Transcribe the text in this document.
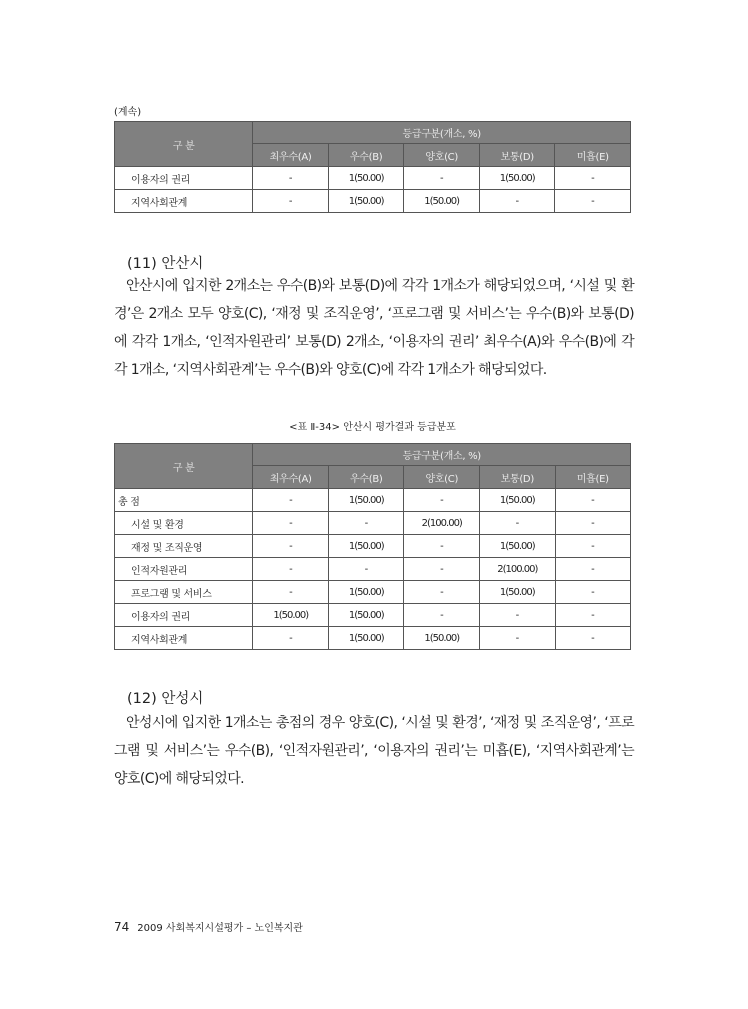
(계속)
구 분	등급구분(개소, %)				
	최우수(A)	우수(B)	양호(C)	보통(D)	미흡(E)
이용자의 권리	-	1(50.00)	-	1(50.00)	-
지역사회관계	-	1(50.00)	1(50.00)	-	-
(11) 안산시
안산시에 입지한 2개소는 우수(B)와 보통(D)에 각각 1개소가 해당되었으며, ‘시설 및 환경’은 2개소 모두 양호(C), ‘재정 및 조직운영’, ‘프로그램 및 서비스’는 우수(B)와 보통(D)에 각각 1개소, ‘인적자원관리’ 보통(D) 2개소, ‘이용자의 권리’ 최우수(A)와 우수(B)에 각각 1개소, ‘지역사회관계’는 우수(B)와 양호(C)에 각각 1개소가 해당되었다.
<표 Ⅱ-34> 안산시 평가결과 등급분포
구 분	등급구분(개소, %)				
	최우수(A)	우수(B)	양호(C)	보통(D)	미흡(E)
총 점	-	1(50.00)	-	1(50.00)	-
시설 및 환경	-	-	2(100.00)	-	-
재정 및 조직운영	-	1(50.00)	-	1(50.00)	-
인적자원관리	-	-	-	2(100.00)	-
프로그램 및 서비스	-	1(50.00)	-	1(50.00)	-
이용자의 권리	1(50.00)	1(50.00)	-	-	-
지역사회관계	-	1(50.00)	1(50.00)	-	-
(12) 안성시
안성시에 입지한 1개소는 총점의 경우 양호(C), ‘시설 및 환경’, ‘재정 및 조직운영’, ‘프로그램 및 서비스’는 우수(B), ‘인적자원관리’, ‘이용자의 권리’는 미흡(E), ‘지역사회관계’는 양호(C)에 해당되었다.
74 2009 사회복지시설평가 – 노인복지관
